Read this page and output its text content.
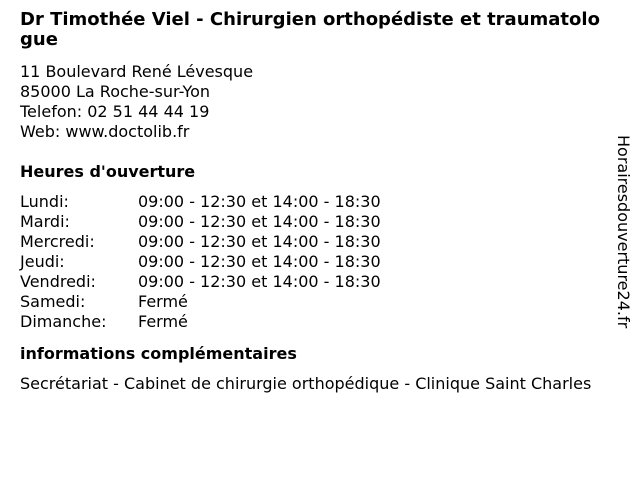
Dr Timothée Viel - Chirurgien orthopédiste et traumatologue
11 Boulevard René Lévesque
85000 La Roche-sur-Yon
Telefon: 02 51 44 44 19
Web: www.doctolib.fr
Heures d'ouverture
Lundi:	09:00 - 12:30 et 14:00 - 18:30
Mardi:	09:00 - 12:30 et 14:00 - 18:30
Mercredi:	09:00 - 12:30 et 14:00 - 18:30
Jeudi:	09:00 - 12:30 et 14:00 - 18:30
Vendredi:	09:00 - 12:30 et 14:00 - 18:30
Samedi:	Fermé
Dimanche:	Fermé
informations complémentaires
Secrétariat - Cabinet de chirurgie orthopédique - Clinique Saint Charles
Horairesdouverture24.fr
